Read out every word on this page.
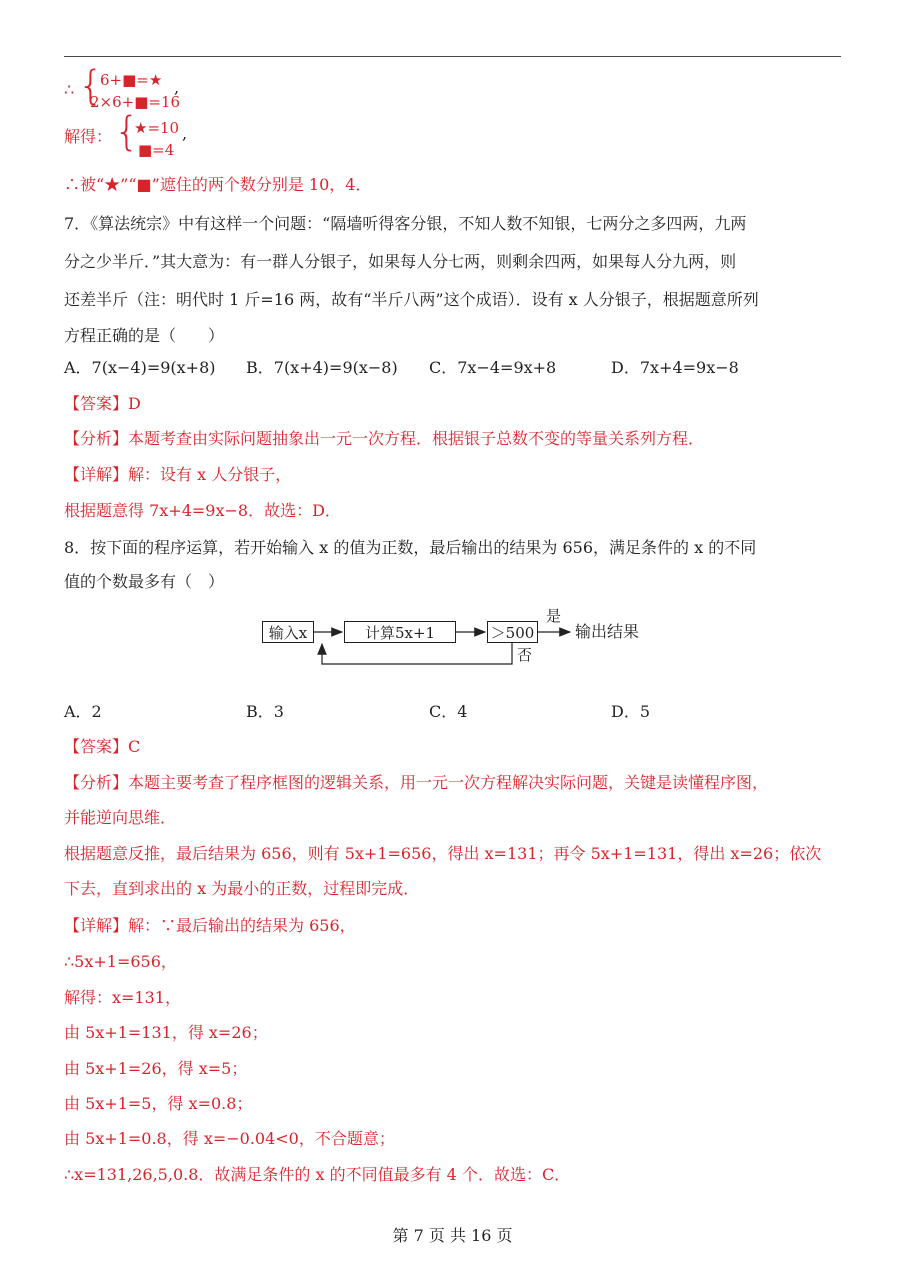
∴ {
6+■=★
2×6+■=16
,
解得： {
★=10
■=4
,
∴被“★”“■”遮住的两个数分别是 10，4．
7．《算法统宗》中有这样一个问题：“隔墙听得客分银，不知人数不知银，七两分之多四两，九两
分之少半斤．”其大意为：有一群人分银子，如果每人分七两，则剩余四两，如果每人分九两，则
还差半斤（注：明代时 1 斤=16 两，故有“半斤八两”这个成语）．设有 x 人分银子，根据题意所列
方程正确的是（　　）
A．7(x−4)=9(x+8) B．7(x+4)=9(x−8) C．7x−4=9x+8	D．7x+4=9x−8
【答案】D
【分析】本题考查由实际问题抽象出一元一次方程．根据银子总数不变的等量关系列方程．
【详解】解：设有 x 人分银子，
根据题意得 7x+4=9x−8．故选：D．
8．按下面的程序运算，若开始输入 x 的值为正数，最后输出的结果为 656，满足条件的 x 的不同
值的个数最多有（　）
输入x	计算5x+1	＞500
是
否
输出结果
A．2	B．3	C．4	D．5
【答案】C
【分析】本题主要考查了程序框图的逻辑关系，用一元一次方程解决实际问题，关键是读懂程序图，
并能逆向思维．
根据题意反推，最后结果为 656，则有 5x+1=656，得出 x=131；再令 5x+1=131，得出 x=26；依次
下去，直到求出的 x 为最小的正数，过程即完成．
【详解】解：∵最后输出的结果为 656，
∴5x+1=656，
解得：x=131，
由 5x+1=131，得 x=26；
由 5x+1=26，得 x=5；
由 5x+1=5，得 x=0.8；
由 5x+1=0.8，得 x=−0.04<0，不合题意；
∴x=131,26,5,0.8．故满足条件的 x 的不同值最多有 4 个．故选：C．
第 7 页 共 16 页
